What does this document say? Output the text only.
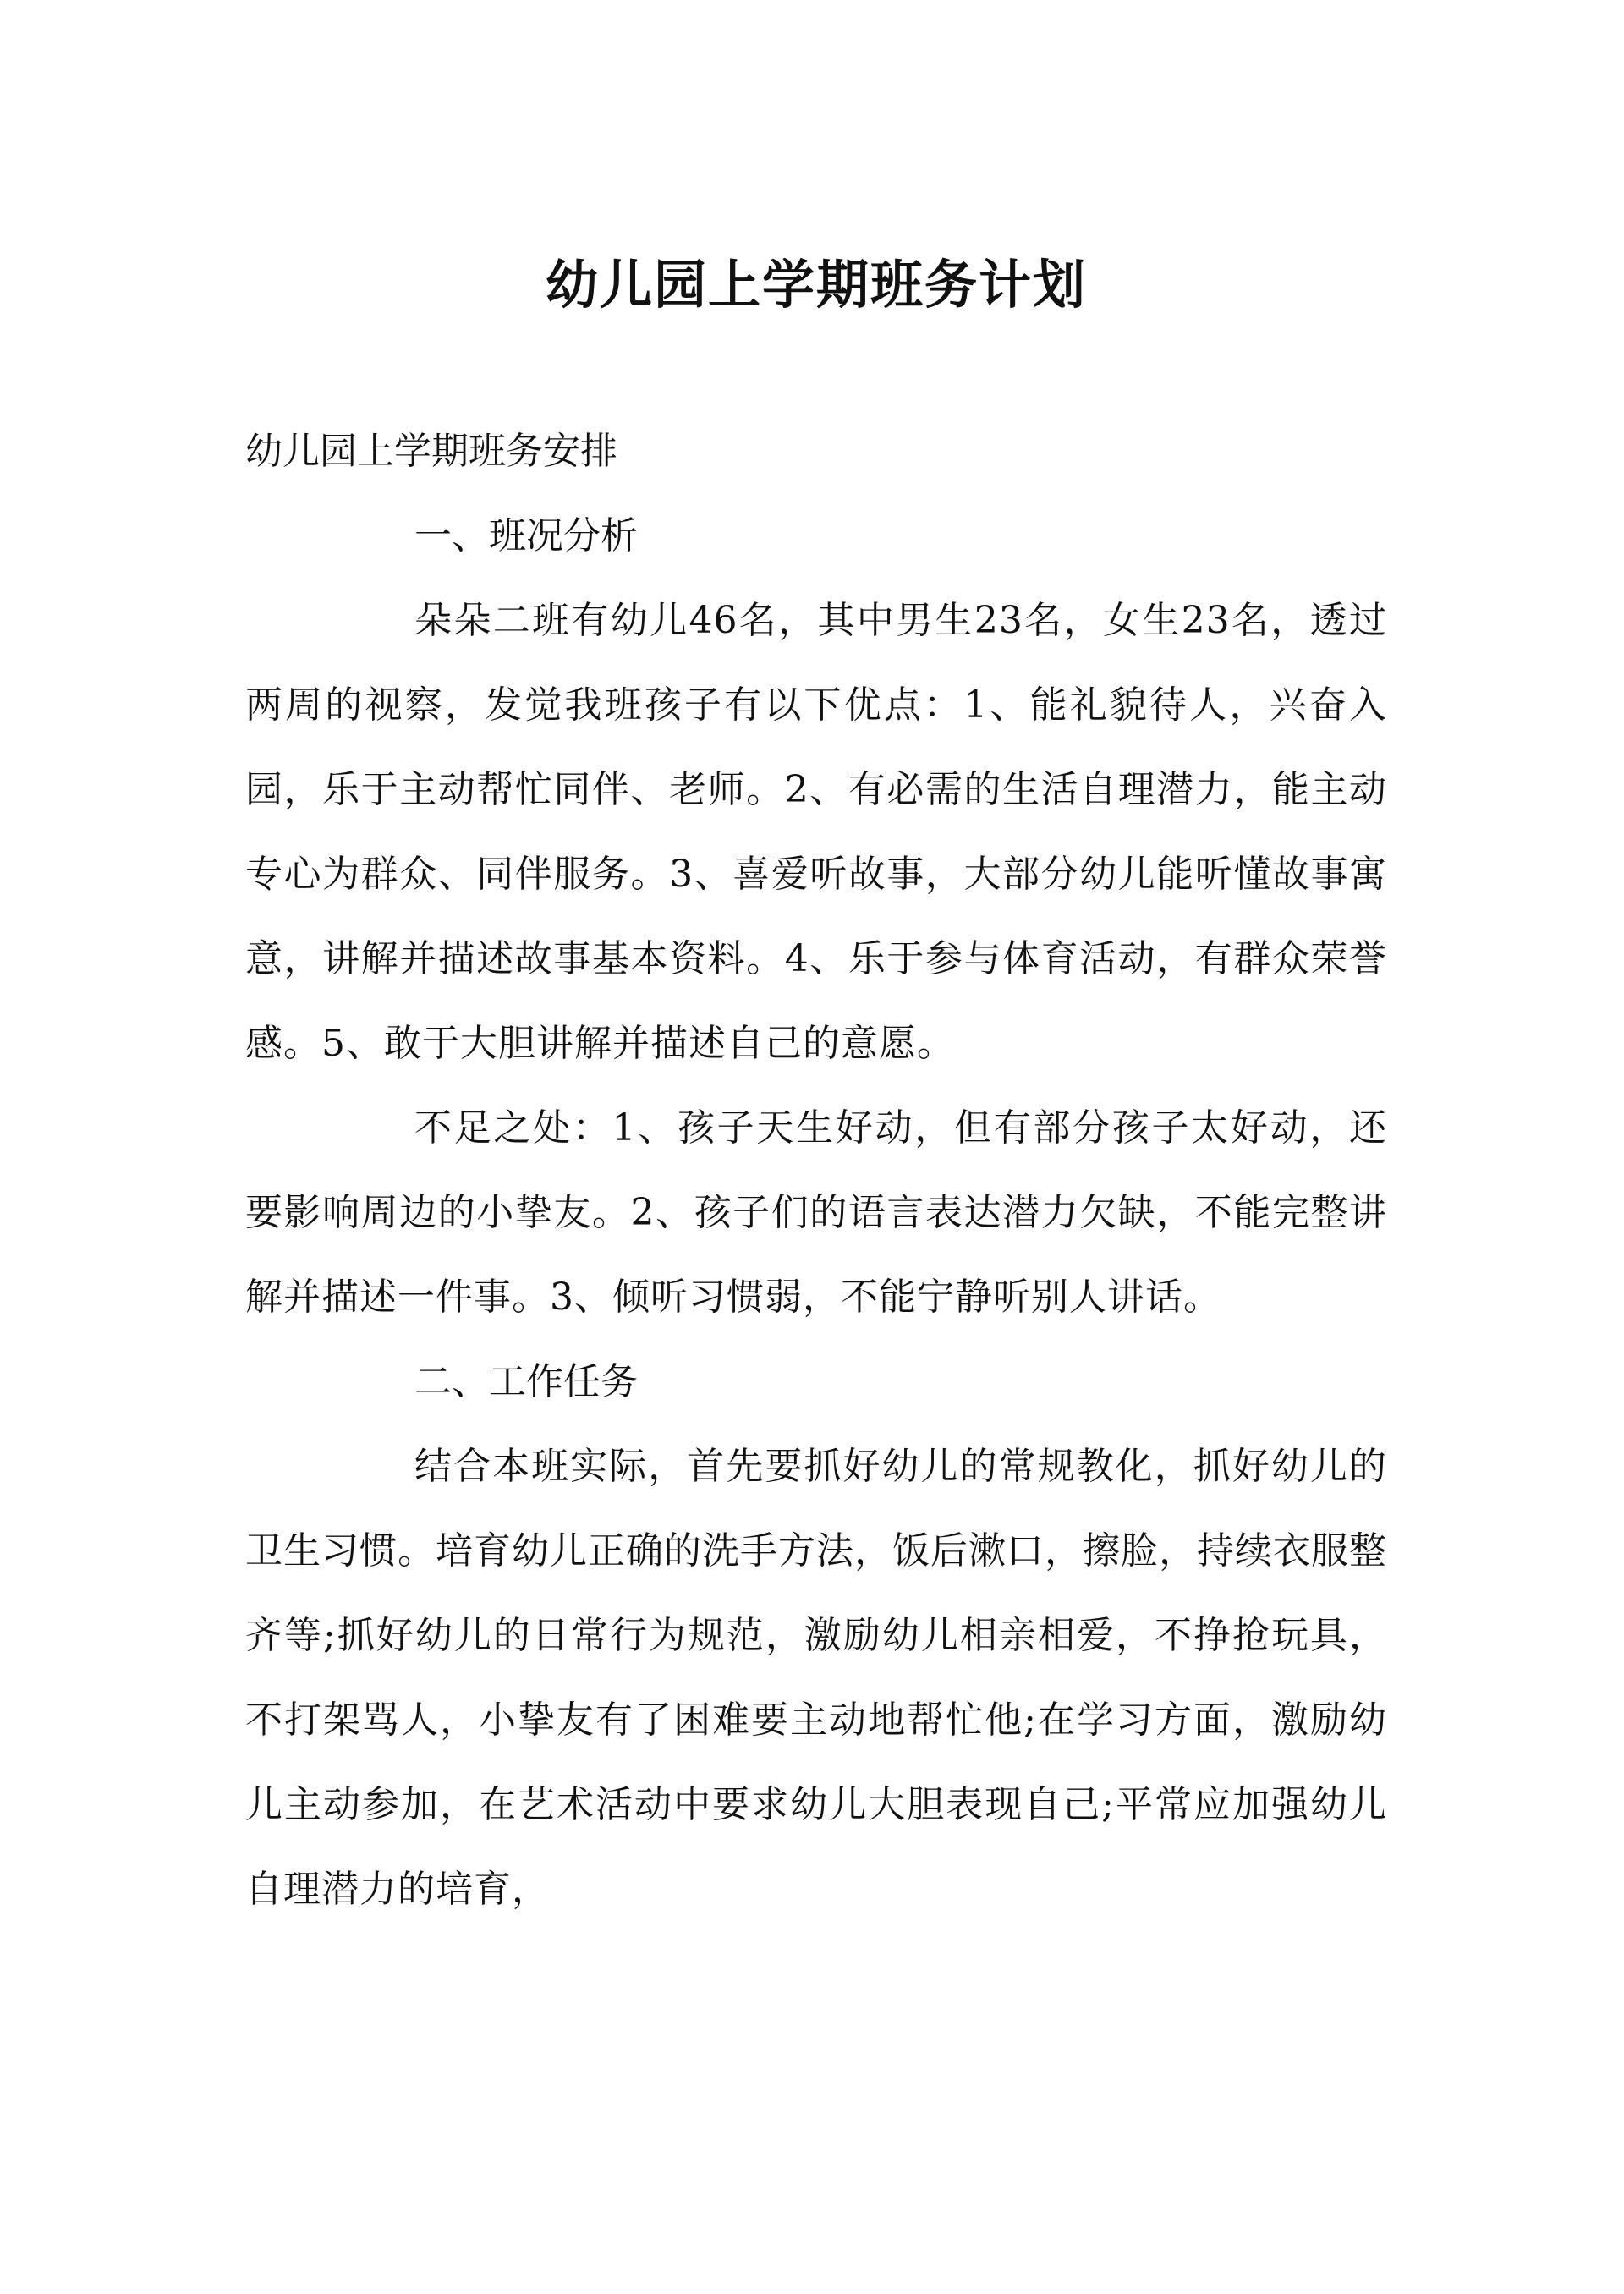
幼儿园上学期班务计划

幼儿园上学期班务安排

一、班况分析

朵朵二班有幼儿46名，其中男生23名，女生23名，透过两周的视察，发觉我班孩子有以下优点：1、能礼貌待人，兴奋入园，乐于主动帮忙同伴、老师。2、有必需的生活自理潜力，能主动专心为群众、同伴服务。3、喜爱听故事，大部分幼儿能听懂故事寓意，讲解并描述故事基本资料。4、乐于参与体育活动，有群众荣誉感。5、敢于大胆讲解并描述自己的意愿。

不足之处：1、孩子天生好动，但有部分孩子太好动，还要影响周边的小挚友。2、孩子们的语言表达潜力欠缺，不能完整讲解并描述一件事。3、倾听习惯弱，不能宁静听别人讲话。

二、工作任务

结合本班实际，首先要抓好幼儿的常规教化，抓好幼儿的卫生习惯。培育幼儿正确的洗手方法，饭后漱口，擦脸，持续衣服整齐等;抓好幼儿的日常行为规范，激励幼儿相亲相爱，不挣抢玩具，不打架骂人，小挚友有了困难要主动地帮忙他;在学习方面，激励幼儿主动参加，在艺术活动中要求幼儿大胆表现自己;平常应加强幼儿自理潜力的培育，
